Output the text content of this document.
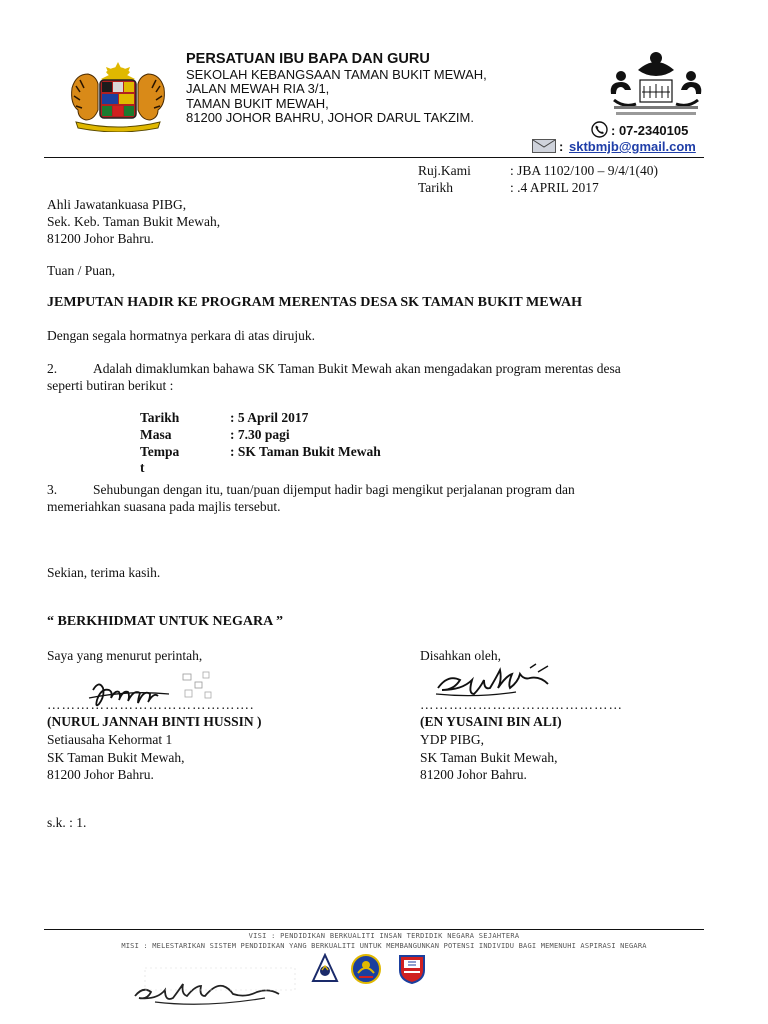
PERSATUAN IBU BAPA DAN GURU
SEKOLAH KEBANGSAAN TAMAN BUKIT MEWAH,
JALAN MEWAH RIA 3/1,
TAMAN BUKIT MEWAH,
81200 JOHOR BAHRU, JOHOR DARUL TAKZIM.
: 07-2340105
: sktbmjb@gmail.com
Ruj.Kami	: JBA 1102/100 – 9/4/1(40)
Tarikh	: .4 APRIL 2017
Ahli Jawatankuasa PIBG,
Sek. Keb. Taman Bukit Mewah,
81200 Johor Bahru.
Tuan / Puan,
JEMPUTAN HADIR KE PROGRAM MERENTAS DESA SK TAMAN BUKIT MEWAH
Dengan segala hormatnya perkara di atas dirujuk.
2.	Adalah dimaklumkan bahawa SK Taman Bukit Mewah akan mengadakan program merentas desa
seperti butiran berikut :
Tarikh	: 5 April 2017
Masa	: 7.30 pagi
Tempa	: SK Taman Bukit Mewah
t
3.	Sehubungan dengan itu, tuan/puan dijemput hadir bagi mengikut perjalanan program dan
memeriahkan suasana pada majlis tersebut.
Sekian, terima kasih.
“ BERKHIDMAT UNTUK NEGARA ”
Saya yang menurut perintah,
…………………………………….
(NURUL JANNAH BINTI HUSSIN )
Setiausaha Kehormat 1
SK Taman Bukit Mewah,
81200 Johor Bahru.
Disahkan oleh,
……………………………………
(EN YUSAINI BIN ALI)
YDP PIBG,
SK Taman Bukit Mewah,
81200 Johor Bahru.
s.k. : 1.
VISI : PENDIDIKAN BERKUALITI INSAN TERDIDIK NEGARA SEJAHTERA
MISI : MELESTARIKAN SISTEM PENDIDIKAN YANG BERKUALITI UNTUK MEMBANGUNKAN POTENSI INDIVIDU BAGI MEMENUHI ASPIRASI NEGARA
